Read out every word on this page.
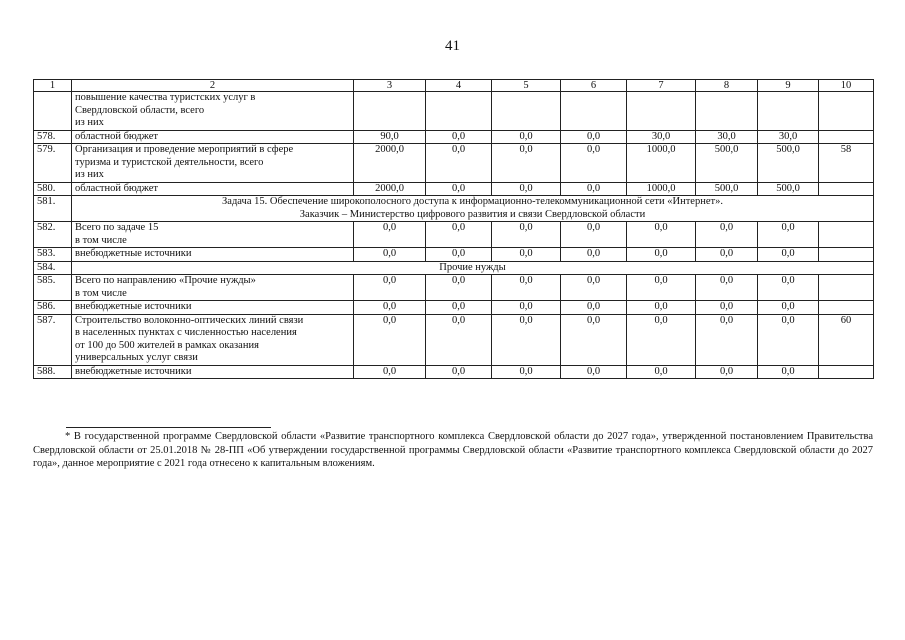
41
1	2	3	4	5	6	7	8	9	10

	повышение качества туристских услуг в
Свердловской области, всего
из них								

578.	областной бюджет	90,0	0,0	0,0	0,0	30,0	30,0	30,0	
579.	Организация и проведение мероприятий в сфере
туризма и туристской деятельности, всего
из них	2000,0	0,0	0,0	0,0	1000,0	500,0	500,0	58
580.	областной бюджет	2000,0	0,0	0,0	0,0	1000,0	500,0	500,0	
581.	Задача 15. Обеспечение широкополосного доступа к информационно-телекоммуникационной сети «Интернет».
Заказчик – Министерство цифрового развития и связи Свердловской области								

582.	Всего по задаче 15
в том числе	0,0	0,0	0,0	0,0	0,0	0,0	0,0	
583.	внебюджетные источники	0,0	0,0	0,0	0,0	0,0	0,0	0,0	
584.	Прочие нужды								

585.	Всего по направлению «Прочие нужды»
в том числе	0,0	0,0	0,0	0,0	0,0	0,0	0,0	
586.	внебюджетные источники	0,0	0,0	0,0	0,0	0,0	0,0	0,0	
587.	Строительство волоконно-оптических линий связи
в населенных пунктах с численностью населения
от 100 до 500 жителей в рамках оказания
универсальных услуг связи	0,0	0,0	0,0	0,0	0,0	0,0	0,0	60
588.	внебюджетные источники	0,0	0,0	0,0	0,0	0,0	0,0	0,0	
* В государственной программе Свердловской области «Развитие транспортного комплекса Свердловской области до 2027 года», утвержденной постановлением Правительства Свердловской области от 25.01.2018 № 28-ПП «Об утверждении государственной программы Свердловской области «Развитие транспортного комплекса Свердловской области до 2027 года», данное мероприятие с 2021 года отнесено к капитальным вложениям.
